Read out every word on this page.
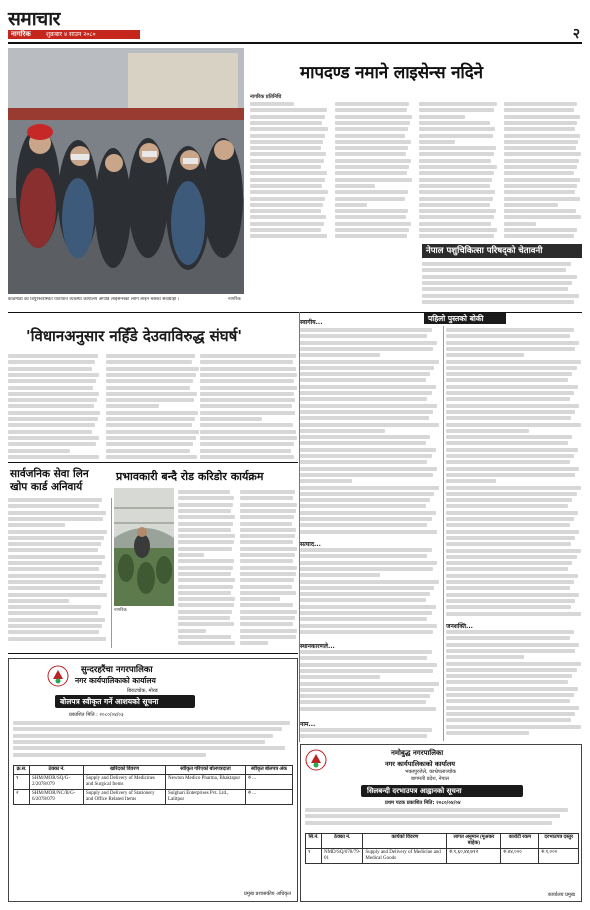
समाचार
नागरिक	शुक्रबार ४ साउन २०८०	२
काठमाडौं का त्रिपुरेश्वरस्थित यातायात व्यवस्था कार्यालय अगाडि लाइसेन्सका लागि लाइन बसेका सेवाग्राही ।	नागरिक
मापदण्ड नमाने लाइसेन्स नदिने
नागरिक प्रतिनिधि
नेपाल पशुचिकित्सा परिषद्‌को चेतावनी
'विधानअनुसार नहिँडे देउवाविरुद्ध संघर्ष'
स्वागीय...	पहिलो पुस्तको बोकी
सत्याद...
स्थानकारणले...
नाम...
जनशक्ति...
सार्वजनिक सेवा लिन खोप कार्ड अनिवार्य
प्रभावकारी बन्दै रोड करिडोर कार्यक्रम
नागरिक
सुन्दरहरैंचा नगरपालिका
नगर कार्यपालिकाको कार्यालय
बिराटचोक, मोरङ
बोलपत्र स्वीकृत गर्ने आशयको सूचना
प्रकाशित मिति : २०८०/०४/०३
क्र.स.	ठेक्का नं.	खरिदको विवरण	स्वीकृत गरिएको बोलपत्रदाता	स्वीकृत बोलपत्र अंक
१	SHM/MOR/SQ/G-2/2078/079	Supply and Delivery of Medicines and Surgical Items	Newton Medico Pharma, Bhaktapur	रु ...
२	SHM/MOR/NC/B/G-6/2078/079	Supply and Delivery of Stationery and Office Related Items	Sulghari Enterprises Pvt. Ltd., Lalitpur	रु ...
प्रमुख प्रशासकीय अधिकृत
नमोबुद्ध नगरपालिका
नगर कार्यपालिकाको कार्यालय
भक्तपुरजेले, काभ्रेपलाञ्चोक
बागमती प्रदेश, नेपाल
सिलबन्दी दरभाउपत्र आह्वानको सूचना
प्रथम पटक प्रकाशित मिति: २०८०/०४/०४
सि.नं.	ठेक्का नं.	कार्यको विवरण	लागत अनुमान (मूअकर बाहेक)	कारोटी रकम	दरभाउपत्र दस्तुर
१	NMD/SQ/078/79-01	Supply and Delivery of Medicine and Medical Goods	रु.१,६०,४४,७१२	रु.४४,०००	रु.१,०००
कार्यालय प्रमुख
